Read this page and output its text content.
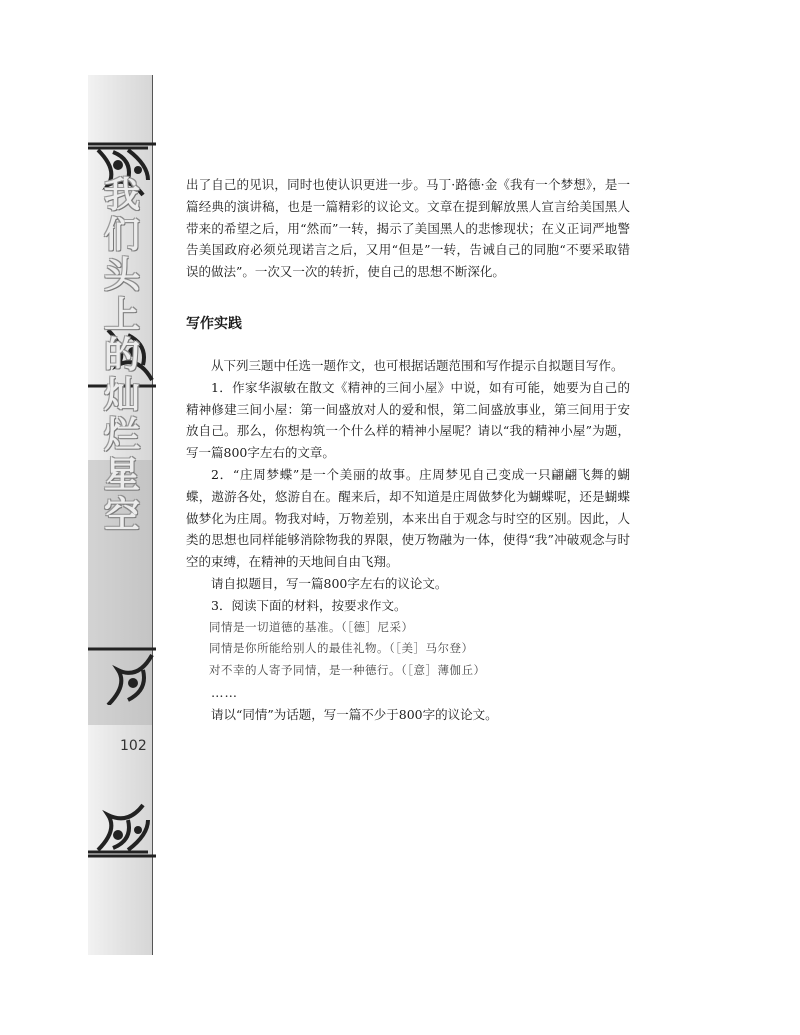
我
们
头
上
的
灿
烂
星
空
102

出了自己的见识，同时也使认识更进一步。马丁·路德·金《我有一个梦想》，是一篇经典的演讲稿，也是一篇精彩的议论文。文章在提到解放黑人宣言给美国黑人带来的希望之后，用“然而”一转，揭示了美国黑人的悲惨现状；在义正词严地警告美国政府必须兑现诺言之后，又用“但是”一转，告诫自己的同胞“不要采取错误的做法”。一次又一次的转折，使自己的思想不断深化。

写作实践

从下列三题中任选一题作文，也可根据话题范围和写作提示自拟题目写作。

1．作家华淑敏在散文《精神的三间小屋》中说，如有可能，她要为自己的精神修建三间小屋：第一间盛放对人的爱和恨，第二间盛放事业，第三间用于安放自己。那么，你想构筑一个什么样的精神小屋呢？请以“我的精神小屋”为题，写一篇800字左右的文章。

2．“庄周梦蝶”是一个美丽的故事。庄周梦见自己变成一只翩翩飞舞的蝴蝶，遨游各处，悠游自在。醒来后，却不知道是庄周做梦化为蝴蝶呢，还是蝴蝶做梦化为庄周。物我对峙，万物差别，本来出自于观念与时空的区别。因此，人类的思想也同样能够消除物我的界限，使万物融为一体，使得“我”冲破观念与时空的束缚，在精神的天地间自由飞翔。

请自拟题目，写一篇800字左右的议论文。

3．阅读下面的材料，按要求作文。

同情是一切道德的基准。（［德］尼采）

同情是你所能给别人的最佳礼物。（［美］马尔登）

对不幸的人寄予同情，是一种德行。（［意］薄伽丘）

……

请以“同情”为话题，写一篇不少于800字的议论文。
